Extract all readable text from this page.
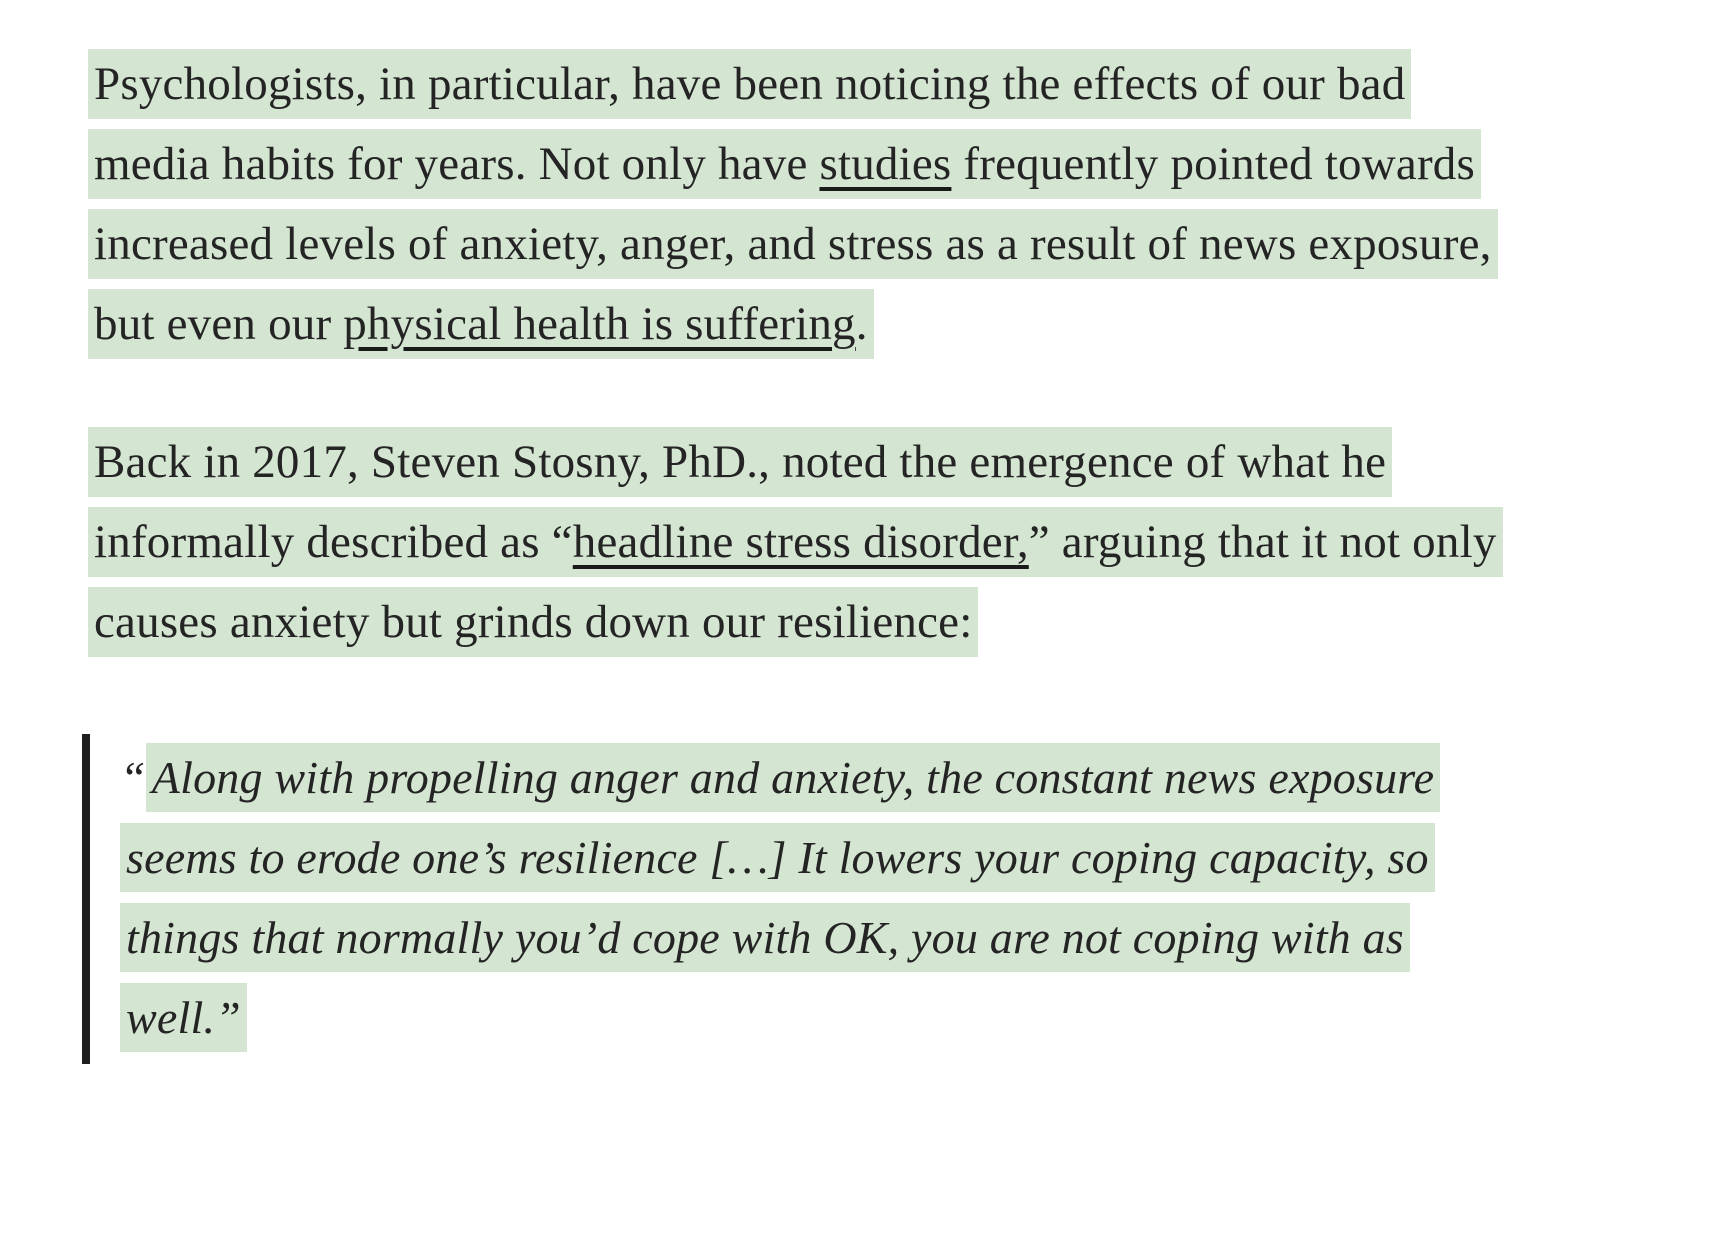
Psychologists, in particular, have been noticing the effects of our bad media habits for years. Not only have studies frequently pointed towards increased levels of anxiety, anger, and stress as a result of news exposure, but even our physical health is suffering.

Back in 2017, Steven Stosny, PhD., noted the emergence of what he informally described as “headline stress disorder,” arguing that it not only causes anxiety but grinds down our resilience:

“ Along with propelling anger and anxiety, the constant news exposure seems to erode one’s resilience […] It lowers your coping capacity, so things that normally you’d cope with OK, you are not coping with as well.”
